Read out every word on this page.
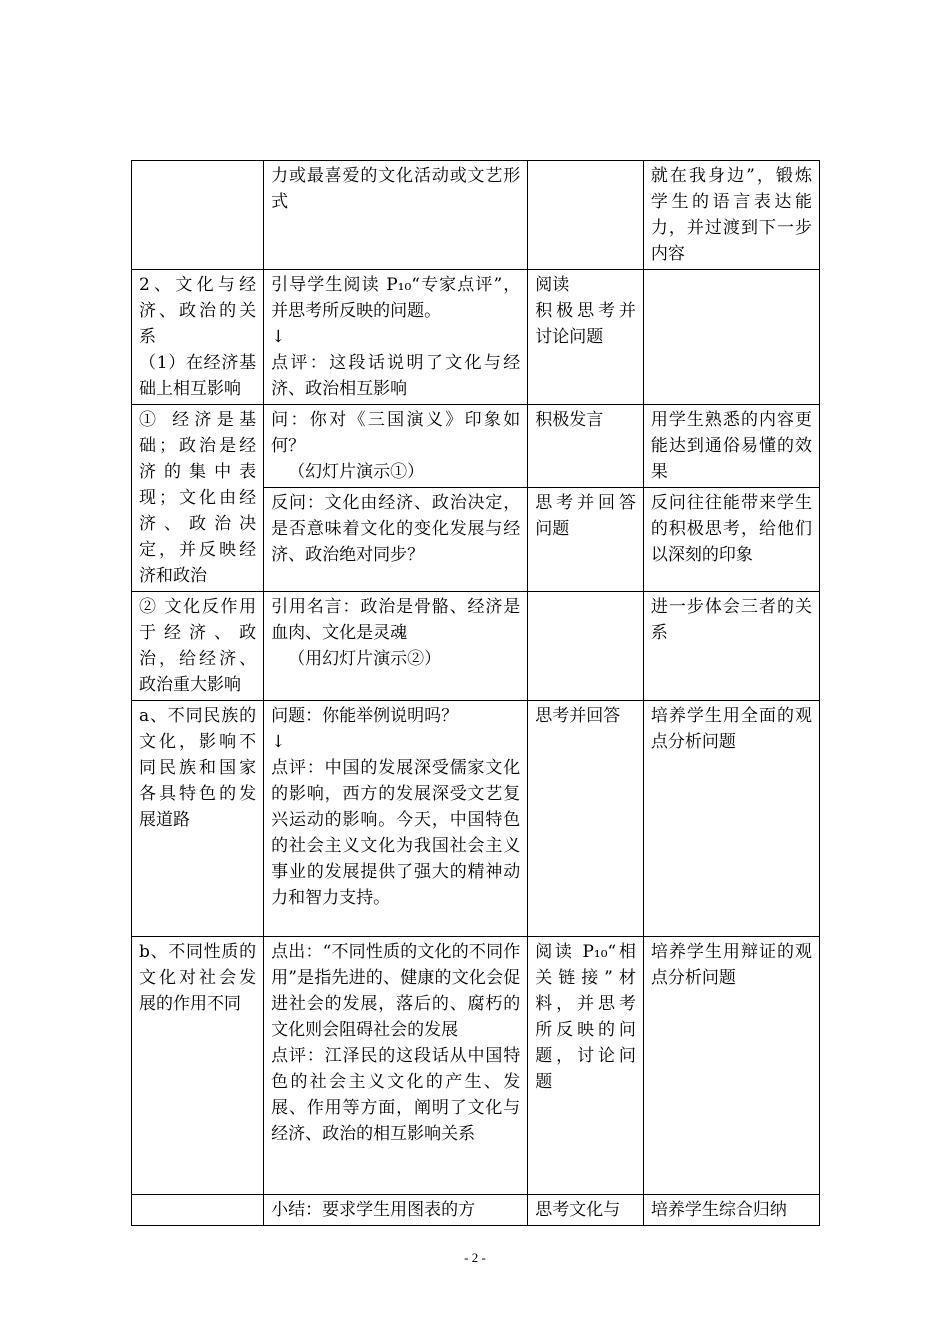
	力或最喜爱的文化活动或文艺形式		就在我身边”，锻炼学生的语言表达能力，并过渡到下一步内容

2、文化与经济、政治的关系
（1）在经济基础上相互影响	引导学生阅读 P₁₀“专家点评”，并思考所反映的问题。
↓
点评：这段话说明了文化与经济、政治相互影响	阅读
积极思考并讨论问题	

① 经济是基础；政治是经济的集中表现；文化由经济、政治决定，并反映经济和政治	问：你对《三国演义》印象如何？
（幻灯片演示①）	积极发言	用学生熟悉的内容更能达到通俗易懂的效果

	反问：文化由经济、政治决定，是否意味着文化的变化发展与经济、政治绝对同步？	思考并回答问题	反问往往能带来学生的积极思考，给他们以深刻的印象

② 文化反作用于经济、政治，给经济、政治重大影响	引用名言：政治是骨骼、经济是血肉、文化是灵魂
（用幻灯片演示②）		进一步体会三者的关系

a、不同民族的文化，影响不同民族和国家各具特色的发展道路	问题：你能举例说明吗？
↓
点评：中国的发展深受儒家文化的影响，西方的发展深受文艺复兴运动的影响。今天，中国特色的社会主义文化为我国社会主义事业的发展提供了强大的精神动力和智力支持。	思考并回答	培养学生用全面的观点分析问题

b、不同性质的文化对社会发展的作用不同	点出：“不同性质的文化的不同作用”是指先进的、健康的文化会促进社会的发展，落后的、腐朽的文化则会阻碍社会的发展
点评：江泽民的这段话从中国特色的社会主义文化的产生、发展、作用等方面，阐明了文化与经济、政治的相互影响关系	阅读 P₁₀“相关链接”材料，并思考所反映的问题，讨论问题	培养学生用辩证的观点分析问题

	小结：要求学生用图表的方	思考文化与	培养学生综合归纳
- 2 -
